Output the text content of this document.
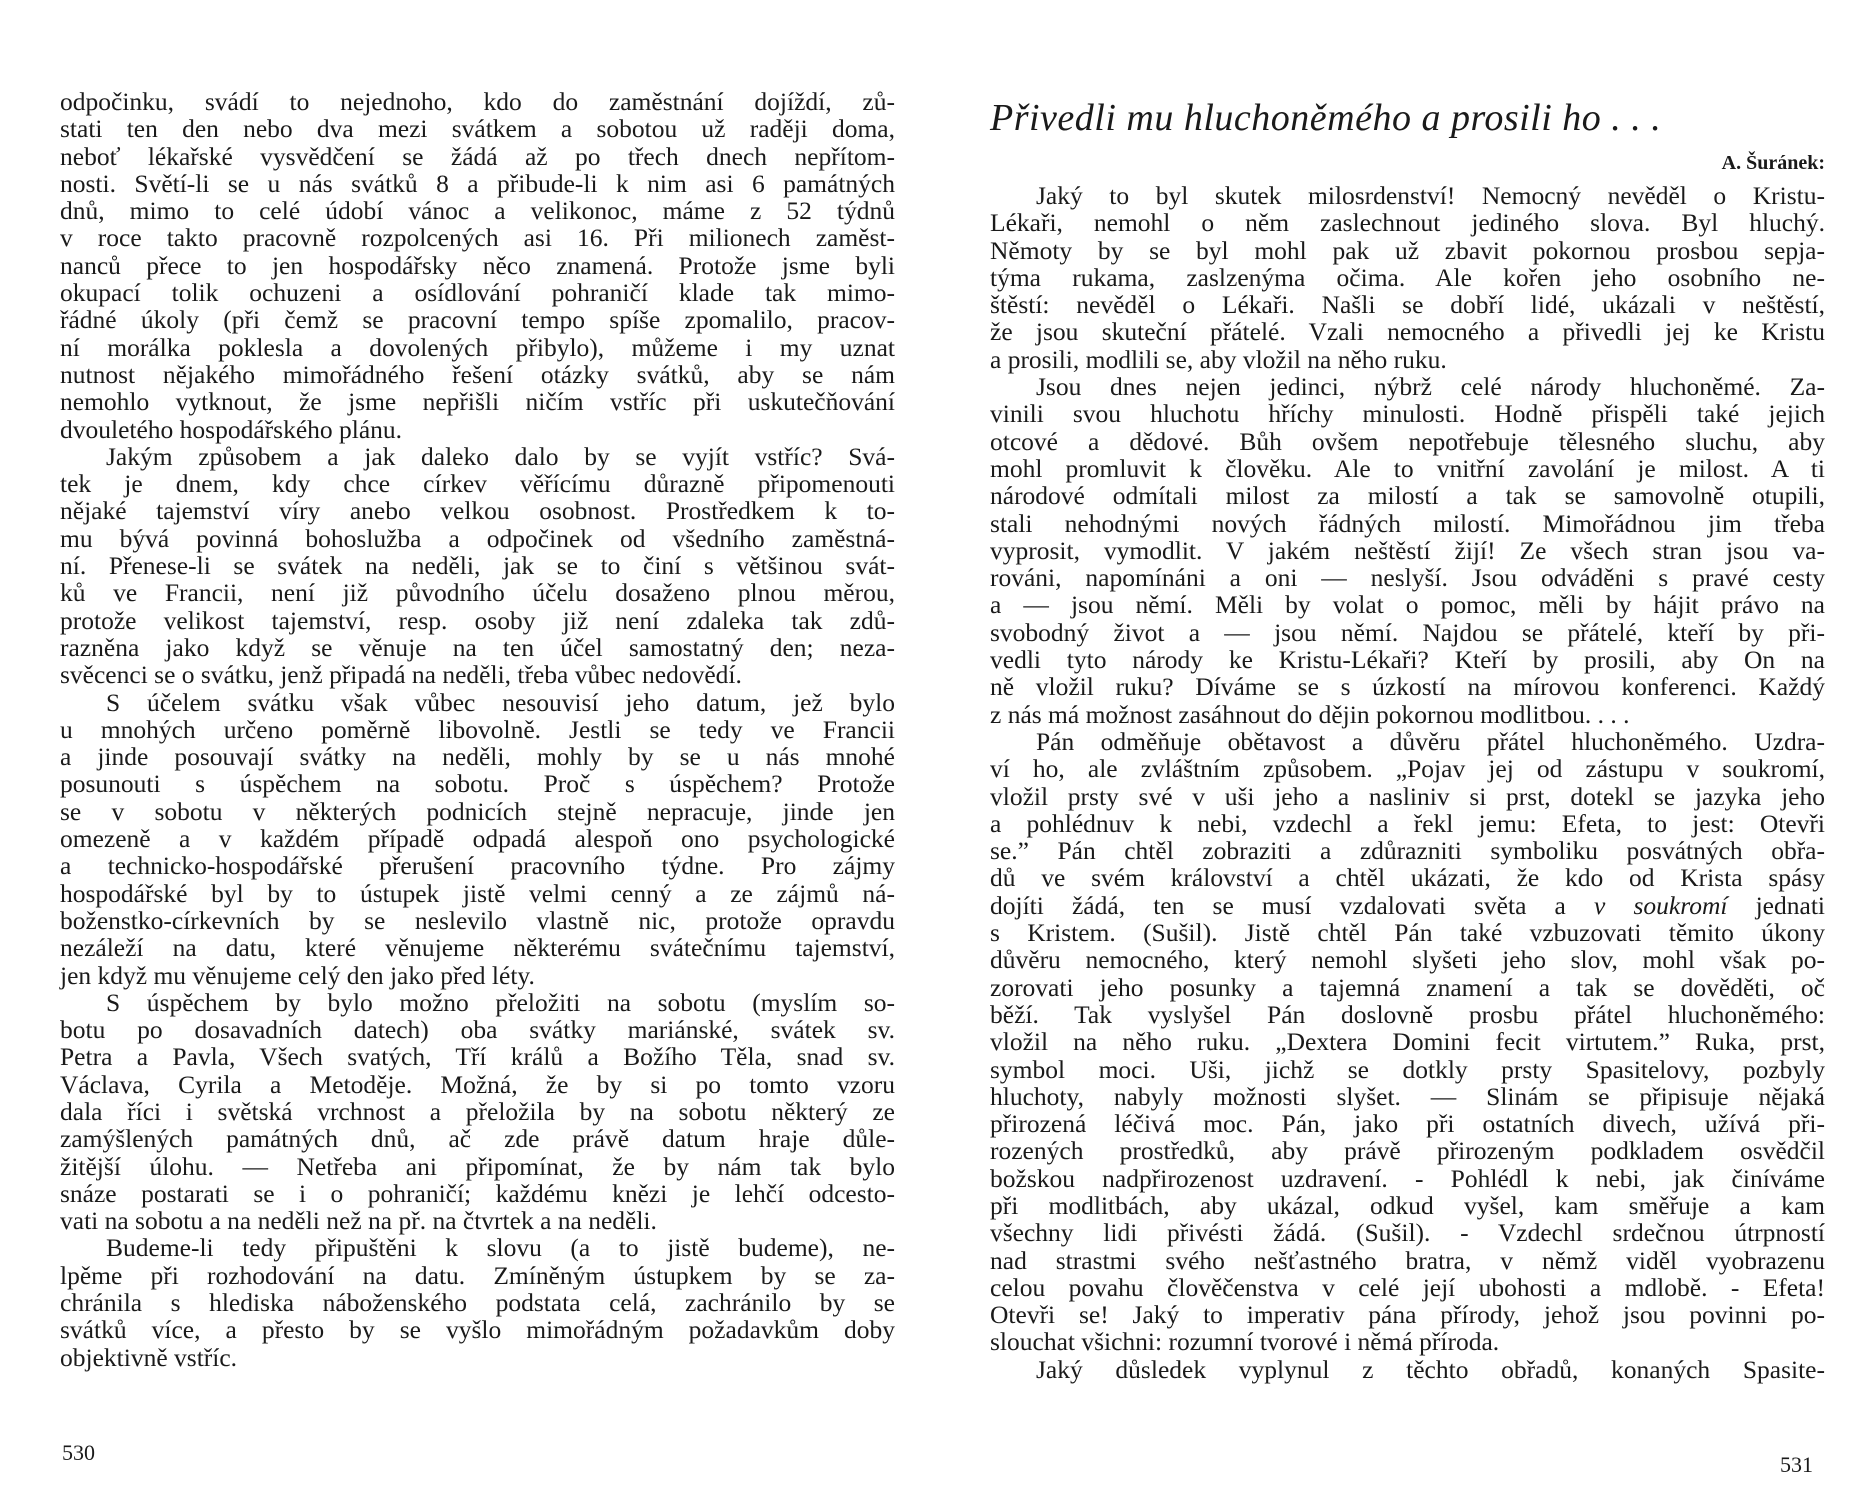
Přivedli mu hluchoněmého a prosili ho . . .
A. Šuránek:
odpočinku, svádí to nejednoho, kdo do zaměstnání dojíždí, zů-
stati ten den nebo dva mezi svátkem a sobotou už raději doma,
neboť lékařské vysvědčení se žádá až po třech dnech nepřítom-
nosti. Světí-li se u nás svátků 8 a přibude-li k nim asi 6 památných
dnů, mimo to celé údobí vánoc a velikonoc, máme z 52 týdnů
v roce takto pracovně rozpolcených asi 16. Při milionech zaměst-
nanců přece to jen hospodářsky něco znamená. Protože jsme byli
okupací tolik ochuzeni a osídlování pohraničí klade tak mimo-
řádné úkoly (při čemž se pracovní tempo spíše zpomalilo, pracov-
ní morálka poklesla a dovolených přibylo), můžeme i my uznat
nutnost nějakého mimořádného řešení otázky svátků, aby se nám
nemohlo vytknout, že jsme nepřišli ničím vstříc při uskutečňování
dvouletého hospodářského plánu.
Jakým způsobem a jak daleko dalo by se vyjít vstříc? Svá-
tek je dnem, kdy chce církev věřícímu důrazně připomenouti
nějaké tajemství víry anebo velkou osobnost. Prostředkem k to-
mu bývá povinná bohoslužba a odpočinek od všedního zaměstná-
ní. Přenese-li se svátek na neděli, jak se to činí s většinou svát-
ků ve Francii, není již původního účelu dosaženo plnou měrou,
protože velikost tajemství, resp. osoby již není zdaleka tak zdů-
razněna jako když se věnuje na ten účel samostatný den; neza-
svěcenci se o svátku, jenž připadá na neděli, třeba vůbec nedovědí.
S účelem svátku však vůbec nesouvisí jeho datum, jež bylo
u mnohých určeno poměrně libovolně. Jestli se tedy ve Francii
a jinde posouvají svátky na neděli, mohly by se u nás mnohé
posunouti s úspěchem na sobotu. Proč s úspěchem? Protože
se v sobotu v některých podnicích stejně nepracuje, jinde jen
omezeně a v každém případě odpadá alespoň ono psychologické
a technicko-hospodářské přerušení pracovního týdne. Pro zájmy
hospodářské byl by to ústupek jistě velmi cenný a ze zájmů ná-
boženstko-církevních by se neslevilo vlastně nic, protože opravdu
nezáleží na datu, které věnujeme některému svátečnímu tajemství,
jen když mu věnujeme celý den jako před léty.
S úspěchem by bylo možno přeložiti na sobotu (myslím so-
botu po dosavadních datech) oba svátky mariánské, svátek sv.
Petra a Pavla, Všech svatých, Tří králů a Božího Těla, snad sv.
Václava, Cyrila a Metoděje. Možná, že by si po tomto vzoru
dala říci i světská vrchnost a přeložila by na sobotu některý ze
zamýšlených památných dnů, ač zde právě datum hraje důle-
žitější úlohu. — Netřeba ani připomínat, že by nám tak bylo
snáze postarati se i o pohraničí; každému knězi je lehčí odcesto-
vati na sobotu a na neděli než na př. na čtvrtek a na neděli.
Budeme-li tedy připuštěni k slovu (a to jistě budeme), ne-
lpěme při rozhodování na datu. Zmíněným ústupkem by se za-
chránila s hlediska náboženského podstata celá, zachránilo by se
svátků více, a přesto by se vyšlo mimořádným požadavkům doby
objektivně vstříc.
Jaký to byl skutek milosrdenství! Nemocný nevěděl o Kristu-
Lékaři, nemohl o něm zaslechnout jediného slova. Byl hluchý.
Němoty by se byl mohl pak už zbavit pokornou prosbou sepja-
týma rukama, zaslzenýma očima. Ale kořen jeho osobního ne-
štěstí: nevěděl o Lékaři. Našli se dobří lidé, ukázali v neštěstí,
že jsou skuteční přátelé. Vzali nemocného a přivedli jej ke Kristu
a prosili, modlili se, aby vložil na něho ruku.
Jsou dnes nejen jedinci, nýbrž celé národy hluchoněmé. Za-
vinili svou hluchotu hříchy minulosti. Hodně přispěli také jejich
otcové a dědové. Bůh ovšem nepotřebuje tělesného sluchu, aby
mohl promluvit k člověku. Ale to vnitřní zavolání je milost. A ti
národové odmítali milost za milostí a tak se samovolně otupili,
stali nehodnými nových řádných milostí. Mimořádnou jim třeba
vyprosit, vymodlit. V jakém neštěstí žijí! Ze všech stran jsou va-
rováni, napomínáni a oni — neslyší. Jsou odváděni s pravé cesty
a — jsou němí. Měli by volat o pomoc, měli by hájit právo na
svobodný život a — jsou němí. Najdou se přátelé, kteří by při-
vedli tyto národy ke Kristu-Lékaři? Kteří by prosili, aby On na
ně vložil ruku? Díváme se s úzkostí na mírovou konferenci. Každý
z nás má možnost zasáhnout do dějin pokornou modlitbou. . . .
Pán odměňuje obětavost a důvěru přátel hluchoněmého. Uzdra-
ví ho, ale zvláštním způsobem. „Pojav jej od zástupu v soukromí,
vložil prsty své v uši jeho a nasliniv si prst, dotekl se jazyka jeho
a pohlédnuv k nebi, vzdechl a řekl jemu: Efeta, to jest: Otevři
se.” Pán chtěl zobraziti a zdůrazniti symboliku posvátných obřa-
dů ve svém království a chtěl ukázati, že kdo od Krista spásy
dojíti žádá, ten se musí vzdalovati světa a v soukromí jednati
s Kristem. (Sušil). Jistě chtěl Pán také vzbuzovati těmito úkony
důvěru nemocného, který nemohl slyšeti jeho slov, mohl však po-
zorovati jeho posunky a tajemná znamení a tak se dověděti, oč
běží. Tak vyslyšel Pán doslovně prosbu přátel hluchoněmého:
vložil na něho ruku. „Dextera Domini fecit virtutem.” Ruka, prst,
symbol moci. Uši, jichž se dotkly prsty Spasitelovy, pozbyly
hluchoty, nabyly možnosti slyšet. — Slinám se připisuje nějaká
přirozená léčivá moc. Pán, jako při ostatních divech, užívá při-
rozených prostředků, aby právě přirozeným podkladem osvědčil
božskou nadpřirozenost uzdravení. - Pohlédl k nebi, jak činíváme
při modlitbách, aby ukázal, odkud vyšel, kam směřuje a kam
všechny lidi přivésti žádá. (Sušil). - Vzdechl srdečnou útrpností
nad strastmi svého nešťastného bratra, v němž viděl vyobrazenu
celou povahu člověčenstva v celé její ubohosti a mdlobě. - Efeta!
Otevři se! Jaký to imperativ pána přírody, jehož jsou povinni po-
slouchat všichni: rozumní tvorové i němá příroda.
Jaký důsledek vyplynul z těchto obřadů, konaných Spasite-
530	531
